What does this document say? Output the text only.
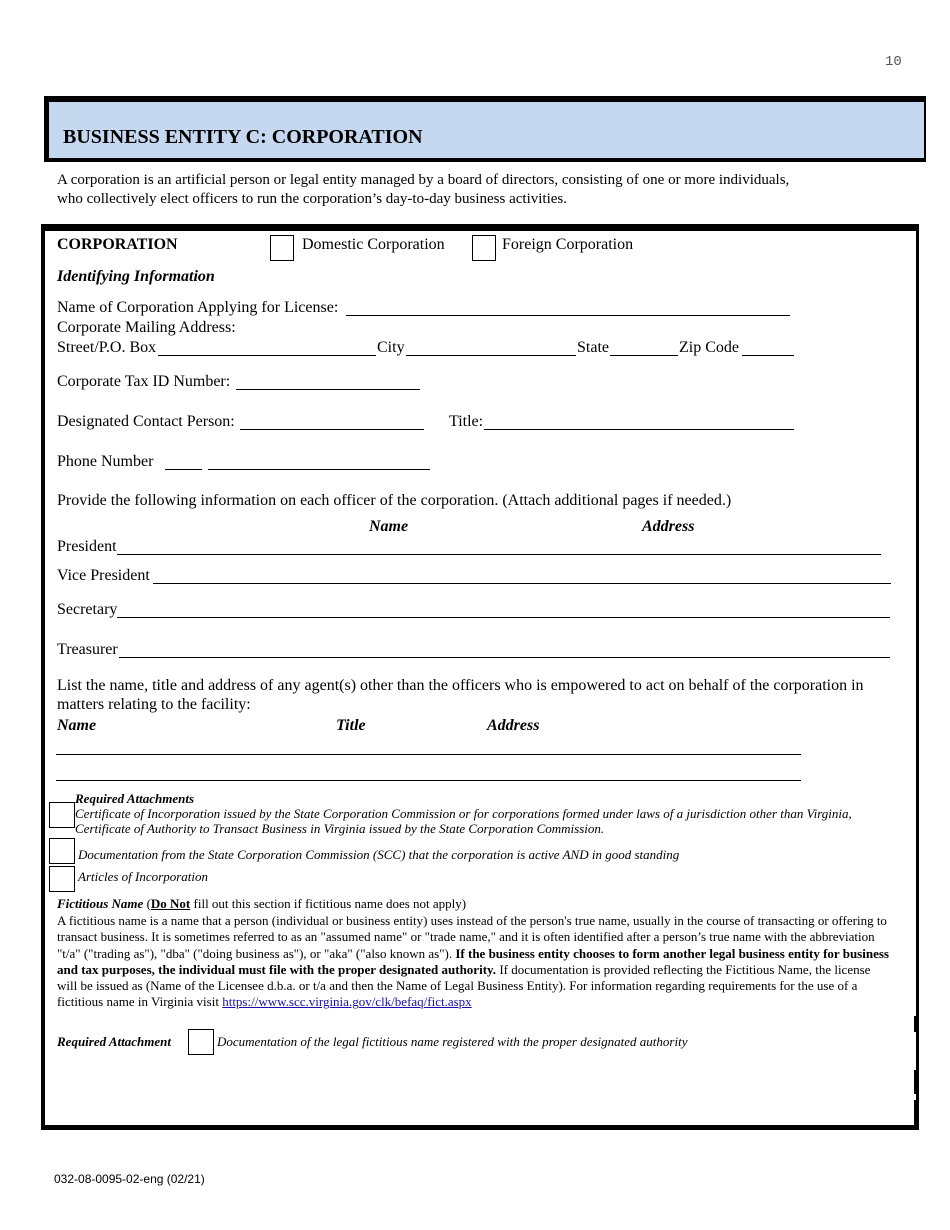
10
BUSINESS ENTITY C: CORPORATION
A corporation is an artificial person or legal entity managed by a board of directors, consisting of one or more individuals, who collectively elect officers to run the corporation’s day-to-day business activities.
CORPORATION	Domestic Corporation	Foreign Corporation
Identifying Information
Name of Corporation Applying for License:
Corporate Mailing Address:
Street/P.O. Box	City	State	Zip Code
Corporate Tax ID Number:
Designated Contact Person:	Title:
Phone Number
Provide the following information on each officer of the corporation. (Attach additional pages if needed.)
Name	Address
President
Vice President
Secretary
Treasurer
List the name, title and address of any agent(s) other than the officers who is empowered to act on behalf of the corporation in matters relating to the facility:
Name	Title	Address
Required Attachments
Certificate of Incorporation issued by the State Corporation Commission or for corporations formed under laws of a jurisdiction other than Virginia, Certificate of Authority to Transact Business in Virginia issued by the State Corporation Commission.
Documentation from the State Corporation Commission (SCC) that the corporation is active AND in good standing
Articles of Incorporation
Fictitious Name (Do Not fill out this section if fictitious name does not apply)
A fictitious name is a name that a person (individual or business entity) uses instead of the person's true name, usually in the course of transacting or offering to transact business. It is sometimes referred to as an "assumed name" or "trade name," and it is often identified after a person’s true name with the abbreviation "t/a" ("trading as"), "dba" ("doing business as"), or "aka" ("also known as"). If the business entity chooses to form another legal business entity for business and tax purposes, the individual must file with the proper designated authority. If documentation is provided reflecting the Fictitious Name, the license will be issued as (Name of the Licensee d.b.a. or t/a and then the Name of Legal Business Entity). For information regarding requirements for the use of a fictitious name in Virginia visit https://www.scc.virginia.gov/clk/befaq/fict.aspx
Required Attachment	Documentation of the legal fictitious name registered with the proper designated authority
032-08-0095-02-eng (02/21)
